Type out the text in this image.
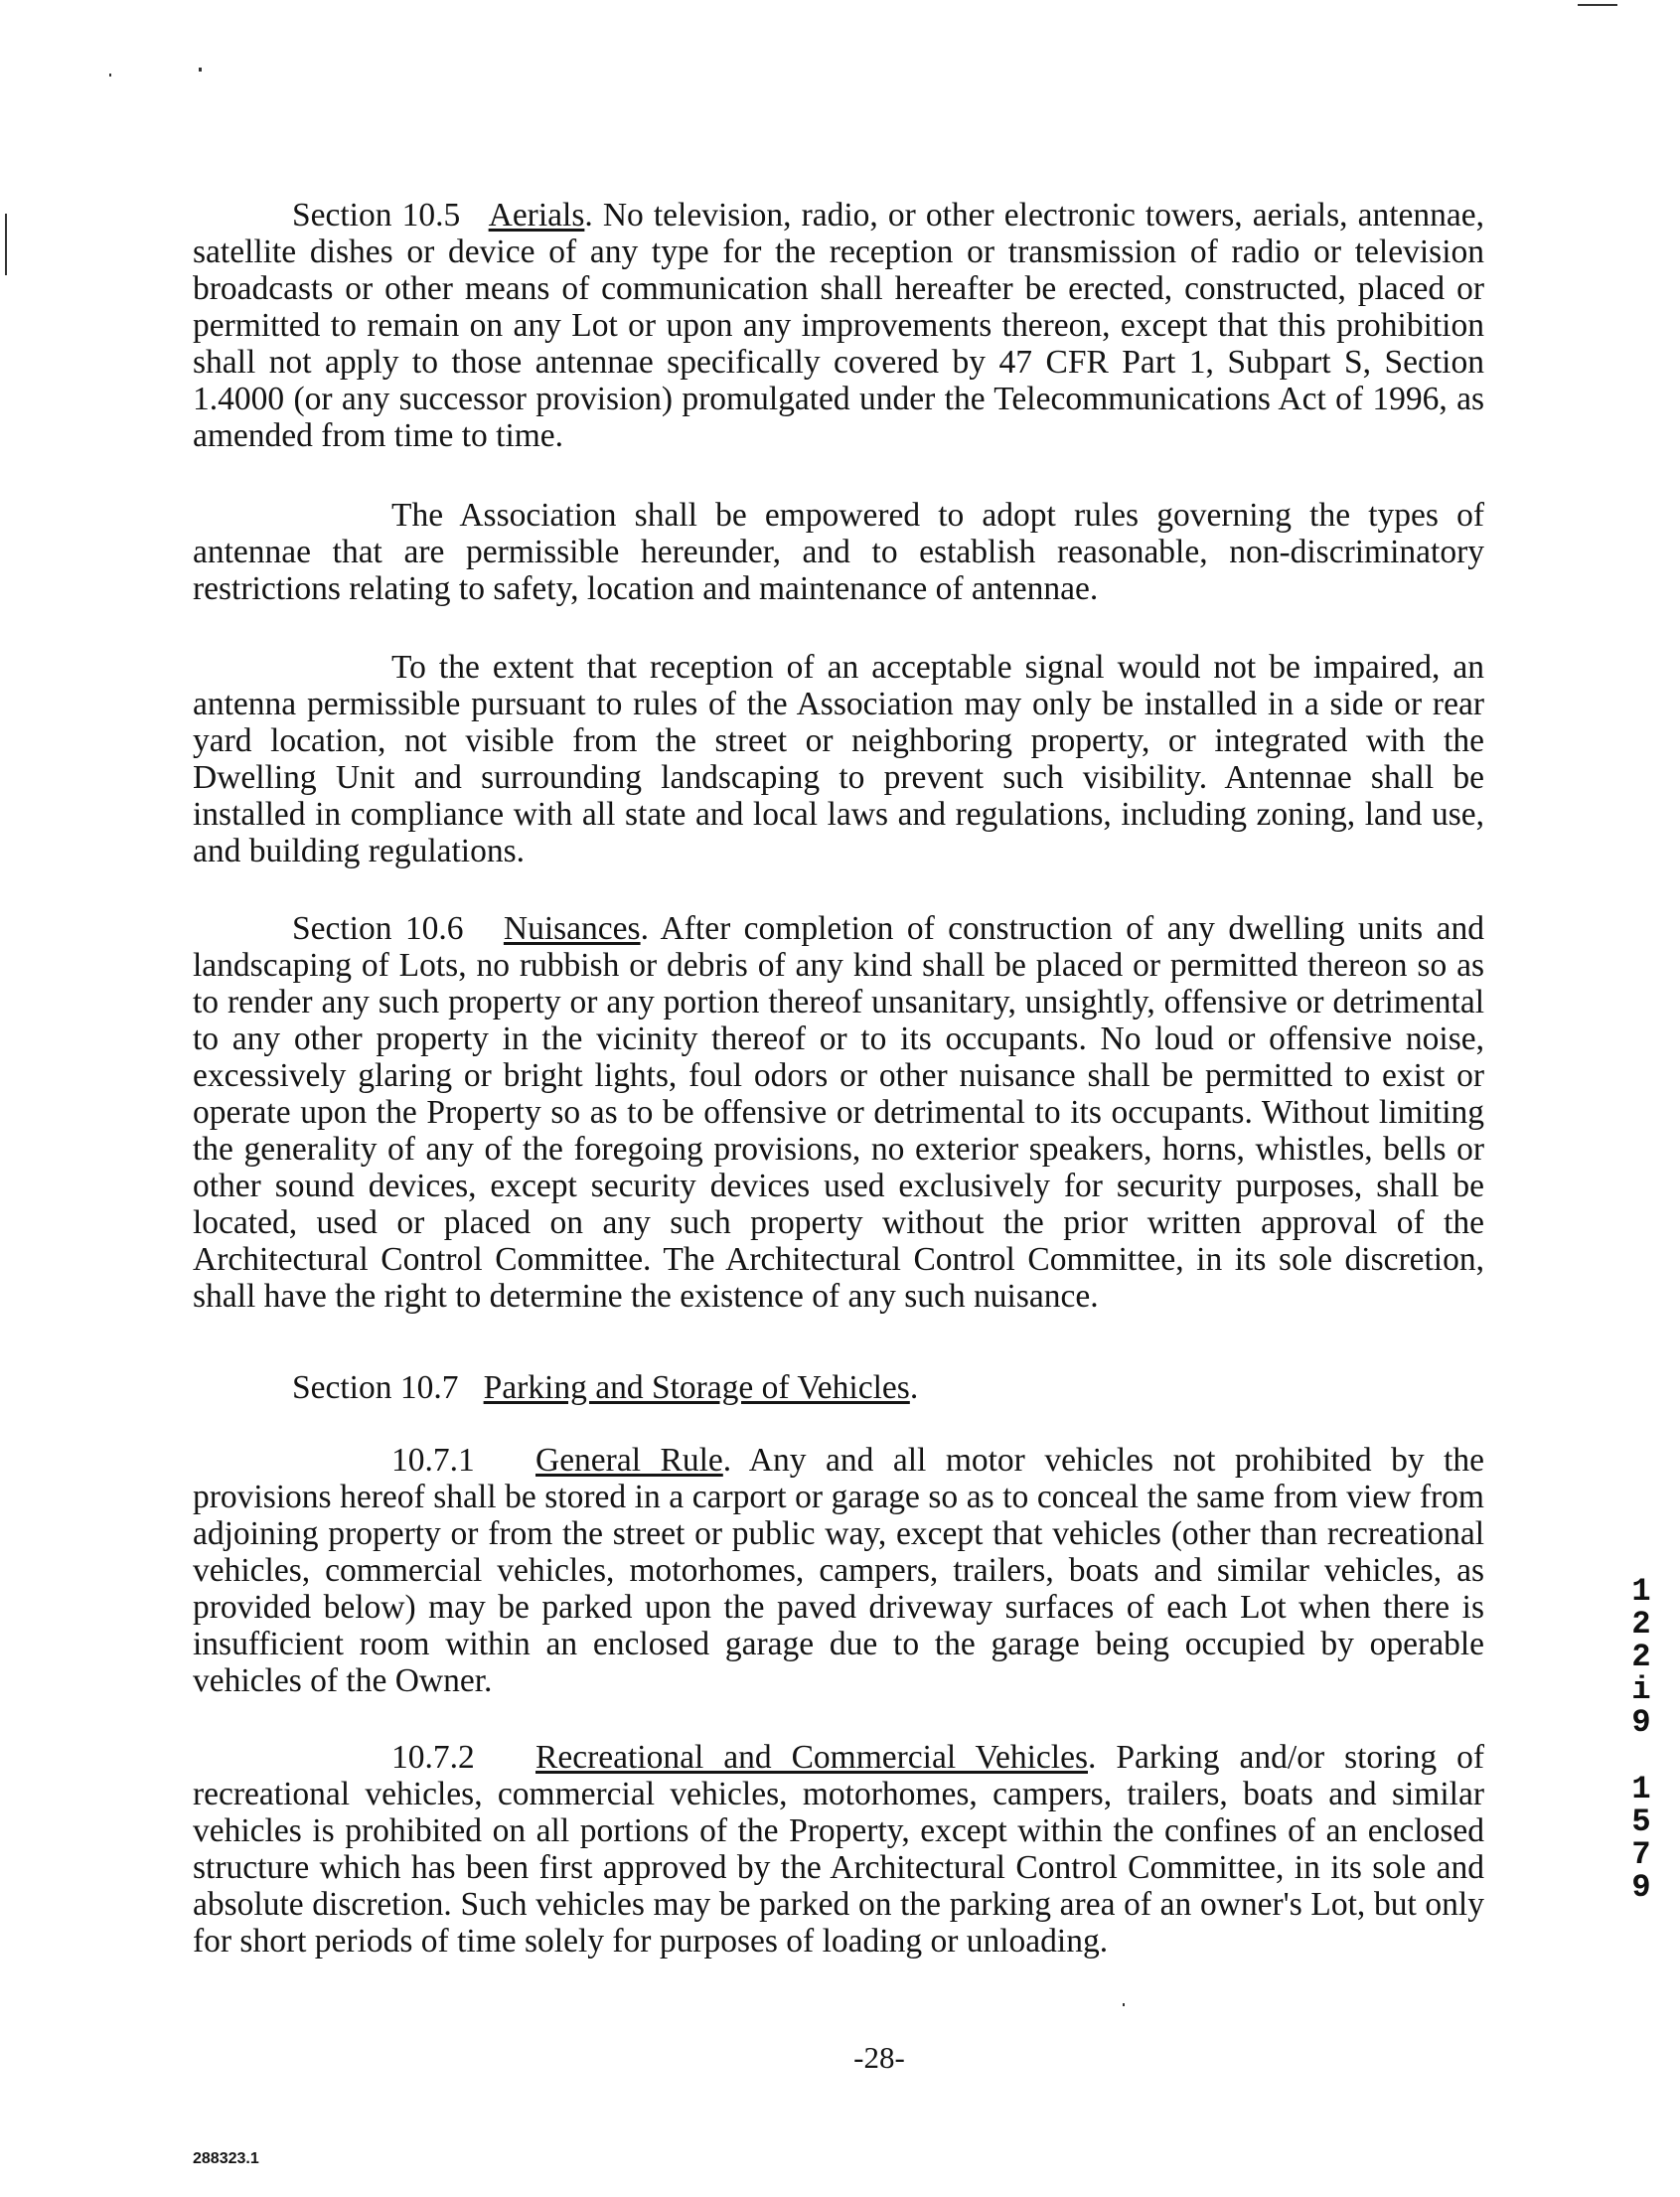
Section 10.5 Aerials. No television, radio, or other electronic towers, aerials, antennae, satellite dishes or device of any type for the reception or transmission of radio or television broadcasts or other means of communication shall hereafter be erected, constructed, placed or permitted to remain on any Lot or upon any improvements thereon, except that this prohibition shall not apply to those antennae specifically covered by 47 CFR Part 1, Subpart S, Section 1.4000 (or any successor provision) promulgated under the Telecommunications Act of 1996, as amended from time to time.

The Association shall be empowered to adopt rules governing the types of antennae that are permissible hereunder, and to establish reasonable, non-discriminatory restrictions relating to safety, location and maintenance of antennae.

To the extent that reception of an acceptable signal would not be impaired, an antenna permissible pursuant to rules of the Association may only be installed in a side or rear yard location, not visible from the street or neighboring property, or integrated with the Dwelling Unit and surrounding landscaping to prevent such visibility. Antennae shall be installed in compliance with all state and local laws and regulations, including zoning, land use, and building regulations.

Section 10.6 Nuisances. After completion of construction of any dwelling units and landscaping of Lots, no rubbish or debris of any kind shall be placed or permitted thereon so as to render any such property or any portion thereof unsanitary, unsightly, offensive or detrimental to any other property in the vicinity thereof or to its occupants. No loud or offensive noise, excessively glaring or bright lights, foul odors or other nuisance shall be permitted to exist or operate upon the Property so as to be offensive or detrimental to its occupants. Without limiting the generality of any of the foregoing provisions, no exterior speakers, horns, whistles, bells or other sound devices, except security devices used exclusively for security purposes, shall be located, used or placed on any such property without the prior written approval of the Architectural Control Committee. The Architectural Control Committee, in its sole discretion, shall have the right to determine the existence of any such nuisance.

Section 10.7 Parking and Storage of Vehicles.

10.7.1 General Rule. Any and all motor vehicles not prohibited by the provisions hereof shall be stored in a carport or garage so as to conceal the same from view from adjoining property or from the street or public way, except that vehicles (other than recreational vehicles, commercial vehicles, motorhomes, campers, trailers, boats and similar vehicles, as provided below) may be parked upon the paved driveway surfaces of each Lot when there is insufficient room within an enclosed garage due to the garage being occupied by operable vehicles of the Owner.

10.7.2 Recreational and Commercial Vehicles. Parking and/or storing of recreational vehicles, commercial vehicles, motorhomes, campers, trailers, boats and similar vehicles is prohibited on all portions of the Property, except within the confines of an enclosed structure which has been first approved by the Architectural Control Committee, in its sole and absolute discretion. Such vehicles may be parked on the parking area of an owner's Lot, but only for short periods of time solely for purposes of loading or unloading.

1
2
2
i
9
1
5
7
9
-28-
288323.1
